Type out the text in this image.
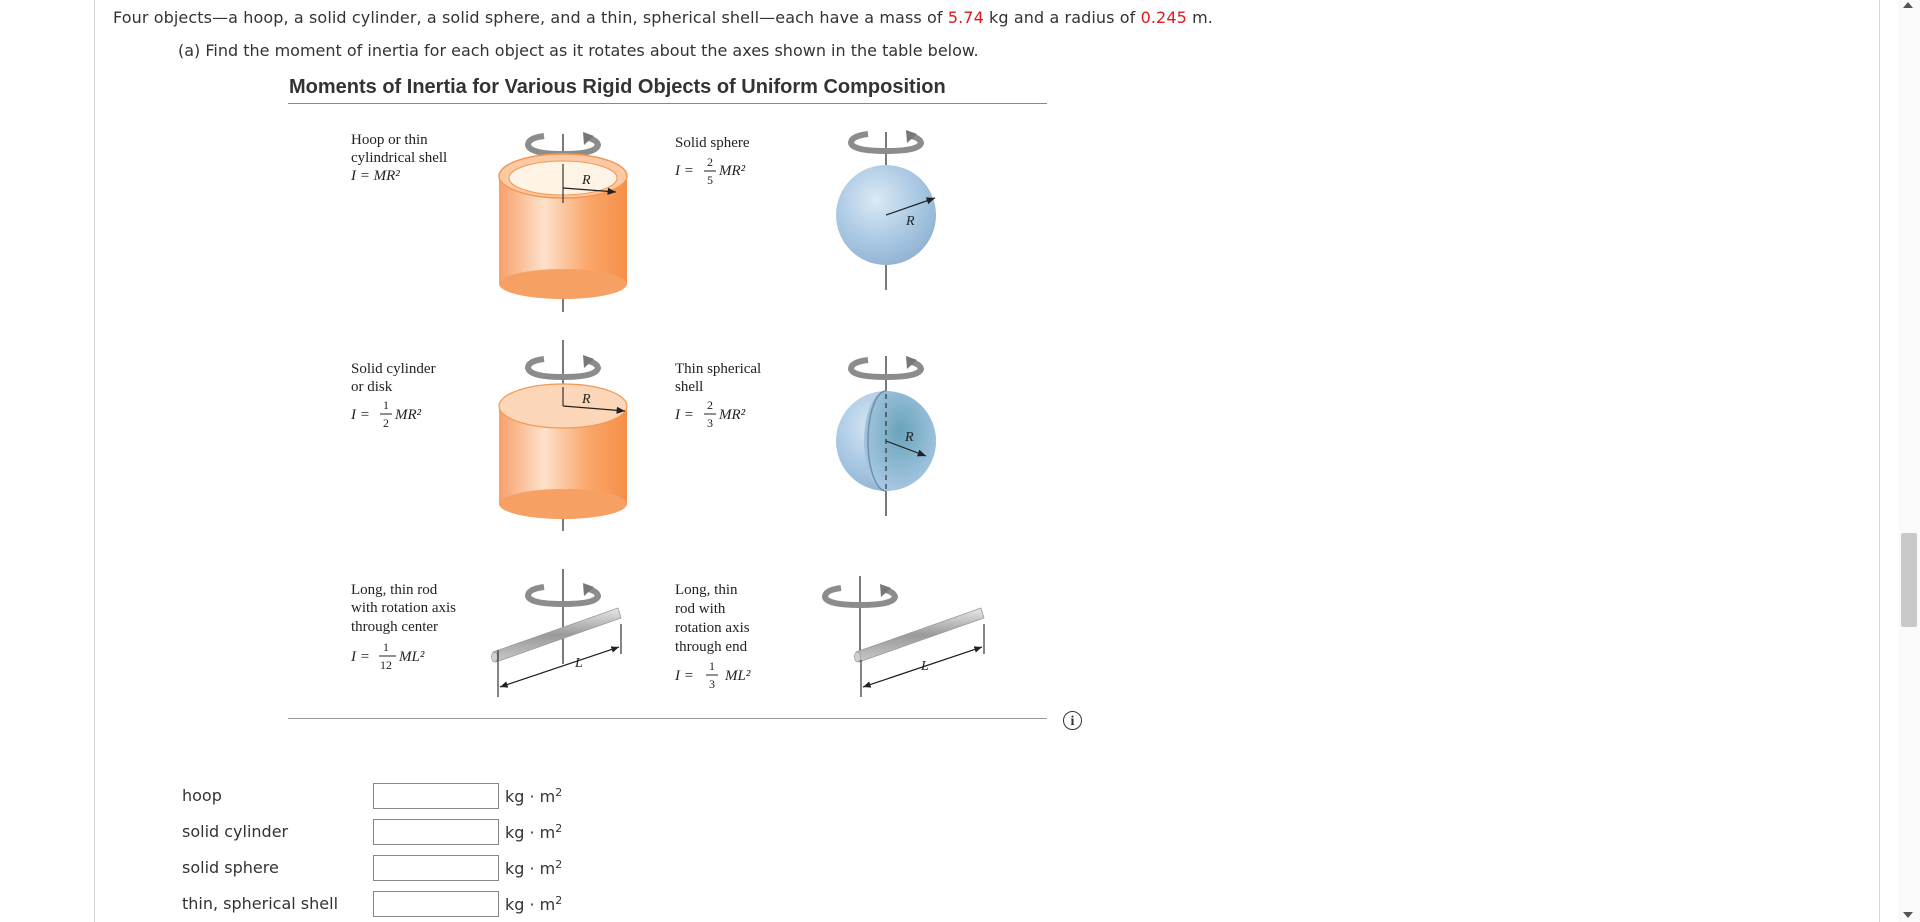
Four objects—a hoop, a solid cylinder, a solid sphere, and a thin, spherical shell—each have a mass of 5.74 kg and a radius of 0.245 m.
(a) Find the moment of inertia for each object as it rotates about the axes shown in the table below.
Moments of Inertia for Various Rigid Objects of Uniform Composition
Hoop or thin
cylindrical shell
I = MR²	R
Solid sphere
I =
2
5
MR²
R
Solid cylinder
or disk
I =
1
2 MR²
R
Thin spherical
shell
I =
2
3 MR²
R
Long, thin rod
with rotation axis
through center
I =
1
12 ML²	L
Long, thin
rod with
rotation axis
through end
I =
1
3 ML²
L
i
hoop	kg · $m^2$
solid cylinder	kg · $m^2$
solid sphere	kg · $m^2$
thin, spherical shell	kg · $m^2$
